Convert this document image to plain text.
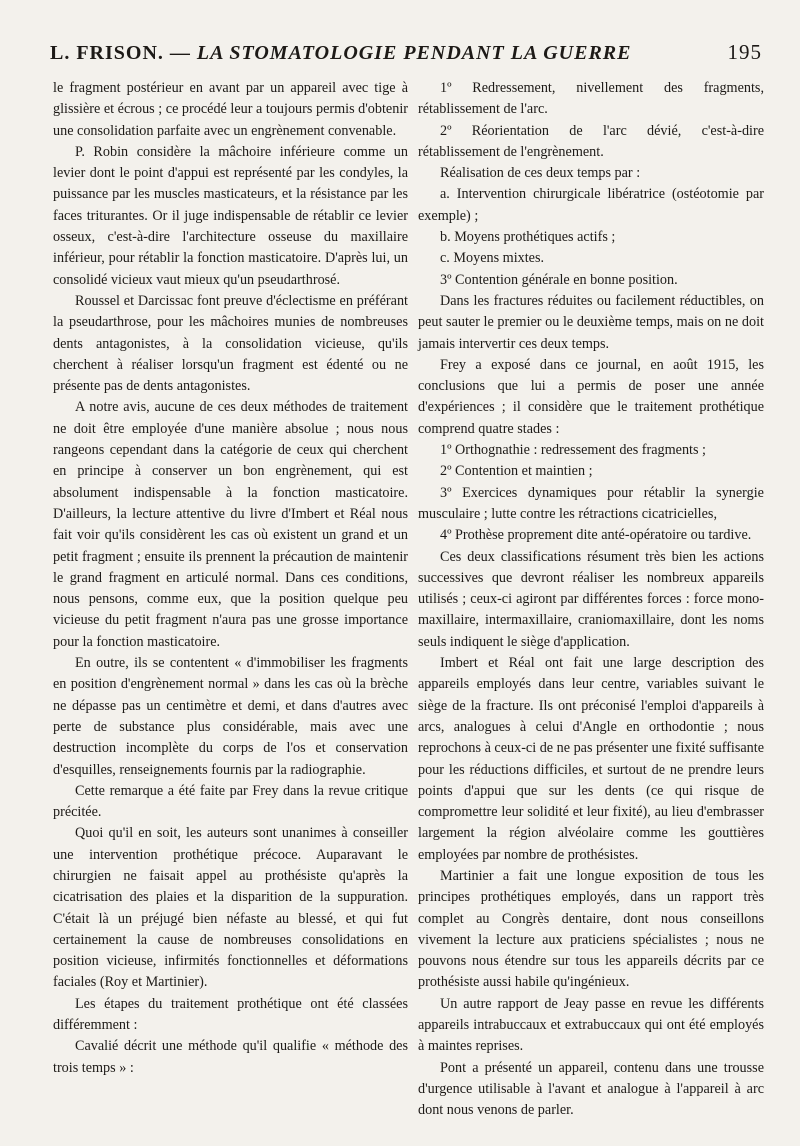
L. FRISON. — LA STOMATOLOGIE PENDANT LA GUERRE	195

le fragment postérieur en avant par un appareil avec tige à glissière et écrous ; ce procédé leur a toujours permis d'obtenir une consolidation parfaite avec un engrènement convenable.

P. Robin considère la mâchoire inférieure comme un levier dont le point d'appui est représenté par les condyles, la puissance par les muscles masticateurs, et la résistance par les faces triturantes. Or il juge indispensable de rétablir ce levier osseux, c'est-à-dire l'architecture osseuse du maxillaire inférieur, pour rétablir la fonction masticatoire. D'après lui, un consolidé vicieux vaut mieux qu'un pseudarthrosé.

Roussel et Darcissac font preuve d'éclectisme en préférant la pseudarthrose, pour les mâchoires munies de nombreuses dents antagonistes, à la consolidation vicieuse, qu'ils cherchent à réaliser lorsqu'un fragment est édenté ou ne présente pas de dents antagonistes.

A notre avis, aucune de ces deux méthodes de traitement ne doit être employée d'une manière absolue ; nous nous rangeons cependant dans la catégorie de ceux qui cherchent en principe à conserver un bon engrènement, qui est absolument indispensable à la fonction masticatoire. D'ailleurs, la lecture attentive du livre d'Imbert et Réal nous fait voir qu'ils considèrent les cas où existent un grand et un petit fragment ; ensuite ils prennent la précaution de maintenir le grand fragment en articulé normal. Dans ces conditions, nous pensons, comme eux, que la position quelque peu vicieuse du petit fragment n'aura pas une grosse importance pour la fonction masticatoire.

En outre, ils se contentent « d'immobiliser les fragments en position d'engrènement normal » dans les cas où la brèche ne dépasse pas un centimètre et demi, et dans d'autres avec perte de substance plus considérable, mais avec une destruction incomplète du corps de l'os et conservation d'esquilles, renseignements fournis par la radiographie.

Cette remarque a été faite par Frey dans la revue critique précitée.

Quoi qu'il en soit, les auteurs sont unanimes à conseiller une intervention prothétique précoce. Auparavant le chirurgien ne faisait appel au prothésiste qu'après la cicatrisation des plaies et la disparition de la suppuration. C'était là un préjugé bien néfaste au blessé, et qui fut certainement la cause de nombreuses consolidations en position vicieuse, infirmités fonctionnelles et déformations faciales (Roy et Martinier).

Les étapes du traitement prothétique ont été classées différemment :

Cavalié décrit une méthode qu'il qualifie « méthode des trois temps » :

1º Redressement, nivellement des fragments, rétablissement de l'arc.

2º Réorientation de l'arc dévié, c'est-à-dire rétablissement de l'engrènement.

Réalisation de ces deux temps par :

a. Intervention chirurgicale libératrice (ostéotomie par exemple) ;

b. Moyens prothétiques actifs ;

c. Moyens mixtes.

3º Contention générale en bonne position.

Dans les fractures réduites ou facilement réductibles, on peut sauter le premier ou le deuxième temps, mais on ne doit jamais intervertir ces deux temps.

Frey a exposé dans ce journal, en août 1915, les conclusions que lui a permis de poser une année d'expériences ; il considère que le traitement prothétique comprend quatre stades :

1º Orthognathie : redressement des fragments ;

2º Contention et maintien ;

3º Exercices dynamiques pour rétablir la synergie musculaire ; lutte contre les rétractions cicatricielles,

4º Prothèse proprement dite anté-opératoire ou tardive.

Ces deux classifications résument très bien les actions successives que devront réaliser les nombreux appareils utilisés ; ceux-ci agiront par différentes forces : force mono-maxillaire, intermaxillaire, craniomaxillaire, dont les noms seuls indiquent le siège d'application.

Imbert et Réal ont fait une large description des appareils employés dans leur centre, variables suivant le siège de la fracture. Ils ont préconisé l'emploi d'appareils à arcs, analogues à celui d'Angle en orthodontie ; nous reprochons à ceux-ci de ne pas présenter une fixité suffisante pour les réductions difficiles, et surtout de ne prendre leurs points d'appui que sur les dents (ce qui risque de compromettre leur solidité et leur fixité), au lieu d'embrasser largement la région alvéolaire comme les gouttières employées par nombre de prothésistes.

Martinier a fait une longue exposition de tous les principes prothétiques employés, dans un rapport très complet au Congrès dentaire, dont nous conseillons vivement la lecture aux praticiens spécialistes ; nous ne pouvons nous étendre sur tous les appareils décrits par ce prothésiste aussi habile qu'ingénieux.

Un autre rapport de Jeay passe en revue les différents appareils intrabuccaux et extrabuccaux qui ont été employés à maintes reprises.

Pont a présenté un appareil, contenu dans une trousse d'urgence utilisable à l'avant et analogue à l'appareil à arc dont nous venons de parler.
